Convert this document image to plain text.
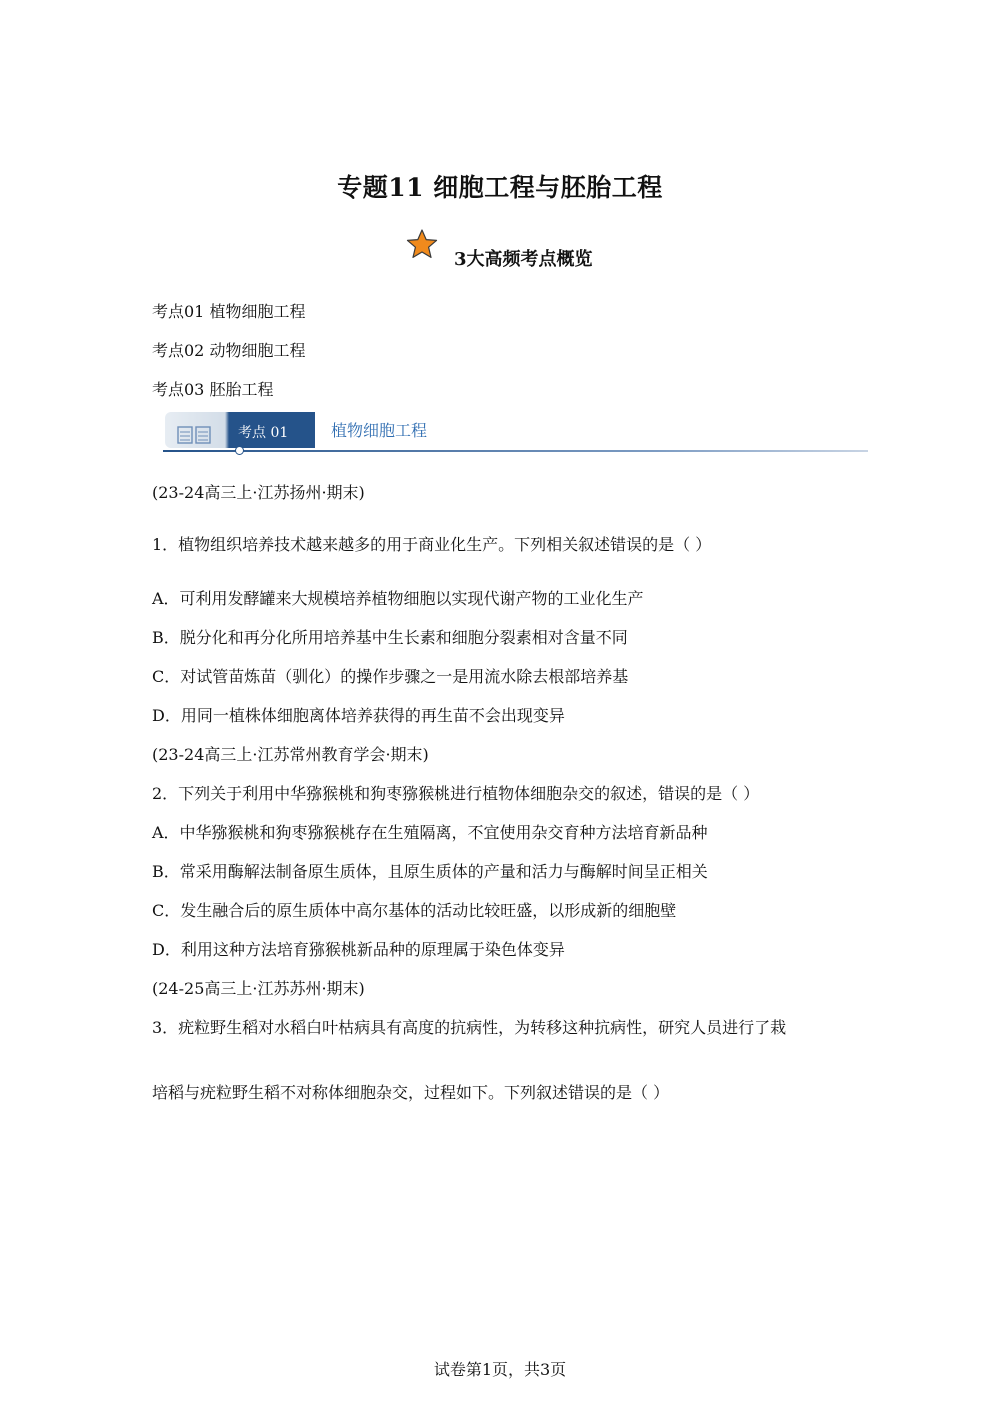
专题11 细胞工程与胚胎工程
3大高频考点概览
考点01 植物细胞工程
考点02 动物细胞工程
考点03 胚胎工程
考点 01	植物细胞工程
(23-24高三上·江苏扬州·期末)
1．植物组织培养技术越来越多的用于商业化生产。下列相关叙述错误的是（ ）
A．可利用发酵罐来大规模培养植物细胞以实现代谢产物的工业化生产
B．脱分化和再分化所用培养基中生长素和细胞分裂素相对含量不同
C．对试管苗炼苗（驯化）的操作步骤之一是用流水除去根部培养基
D．用同一植株体细胞离体培养获得的再生苗不会出现变异
(23-24高三上·江苏常州教育学会·期末)
2．下列关于利用中华猕猴桃和狗枣猕猴桃进行植物体细胞杂交的叙述，错误的是（ ）
A．中华猕猴桃和狗枣猕猴桃存在生殖隔离，不宜使用杂交育种方法培育新品种
B．常采用酶解法制备原生质体，且原生质体的产量和活力与酶解时间呈正相关
C．发生融合后的原生质体中高尔基体的活动比较旺盛，以形成新的细胞壁
D．利用这种方法培育猕猴桃新品种的原理属于染色体变异
(24-25高三上·江苏苏州·期末)
3．疣粒野生稻对水稻白叶枯病具有高度的抗病性，为转移这种抗病性，研究人员进行了栽
培稻与疣粒野生稻不对称体细胞杂交，过程如下。下列叙述错误的是（ ）
试卷第1页，共3页
